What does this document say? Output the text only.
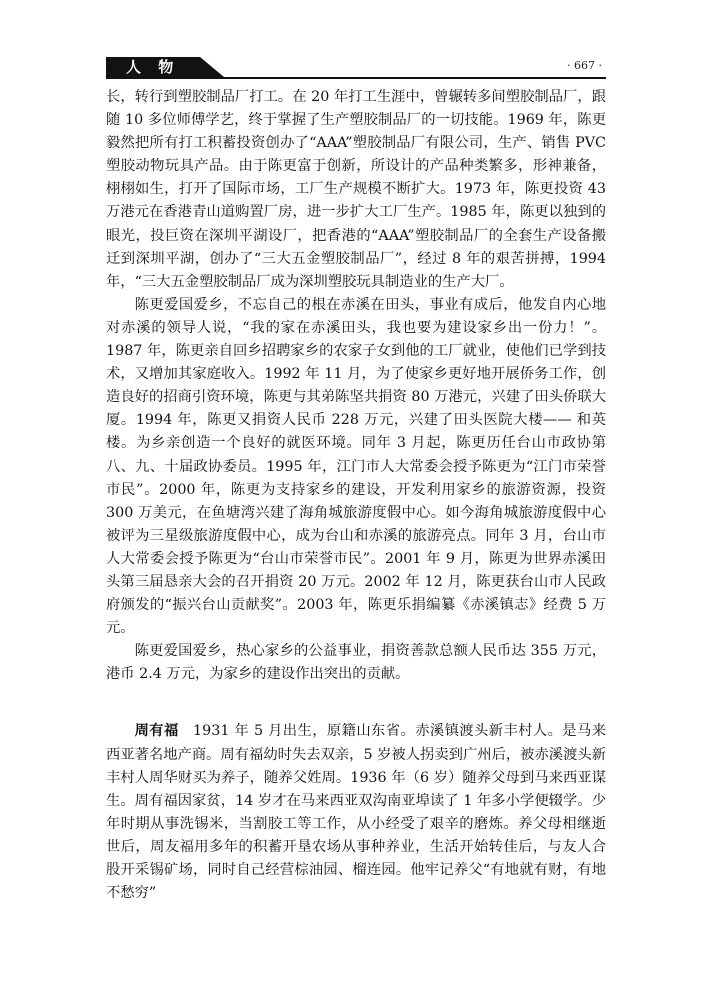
人 物	· 667 ·

长，转行到塑胶制品厂打工。在 20 年打工生涯中，曾辗转多间塑胶制品厂，跟随 10 多位师傅学艺，终于掌握了生产塑胶制品厂的一切技能。1969 年，陈更毅然把所有打工积蓄投资创办了“AAA”塑胶制品厂有限公司，生产、销售 PVC 塑胶动物玩具产品。由于陈更富于创新，所设计的产品种类繁多，形神兼备，栩栩如生，打开了国际市场，工厂生产规模不断扩大。1973 年，陈更投资 43 万港元在香港青山道购置厂房，进一步扩大工厂生产。1985 年，陈更以独到的眼光，投巨资在深圳平湖设厂，把香港的“AAA”塑胶制品厂的全套生产设备搬迁到深圳平湖，创办了“三大五金塑胶制品厂”，经过 8 年的艰苦拼搏，1994 年，“三大五金塑胶制品厂成为深圳塑胶玩具制造业的生产大厂。

陈更爱国爱乡，不忘自己的根在赤溪在田头，事业有成后，他发自内心地对赤溪的领导人说，“我的家在赤溪田头，我也要为建设家乡出一份力！”。1987 年，陈更亲自回乡招聘家乡的农家子女到他的工厂就业，使他们已学到技术，又增加其家庭收入。1992 年 11 月，为了使家乡更好地开展侨务工作，创造良好的招商引资环境，陈更与其弟陈坚共捐资 80 万港元，兴建了田头侨联大厦。1994 年，陈更又捐资人民币 228 万元，兴建了田头医院大楼—— 和英楼。为乡亲创造一个良好的就医环境。同年 3 月起，陈更历任台山市政协第八、九、十届政协委员。1995 年，江门市人大常委会授予陈更为“江门市荣誉市民”。2000 年，陈更为支持家乡的建设，开发利用家乡的旅游资源，投资 300 万美元，在鱼塘湾兴建了海角城旅游度假中心。如今海角城旅游度假中心被评为三星级旅游度假中心，成为台山和赤溪的旅游亮点。同年 3 月，台山市人大常委会授予陈更为“台山市荣誉市民”。2001 年 9 月，陈更为世界赤溪田头第三届恳亲大会的召开捐资 20 万元。2002 年 12 月，陈更获台山市人民政府颁发的“振兴台山贡献奖”。2003 年，陈更乐捐编纂《赤溪镇志》经费 5 万元。

陈更爱国爱乡，热心家乡的公益事业，捐资善款总额人民币达 355 万元，港币 2.4 万元，为家乡的建设作出突出的贡献。

周有福 1931 年 5 月出生，原籍山东省。赤溪镇渡头新丰村人。是马来西亚著名地产商。周有福幼时失去双亲，5 岁被人拐卖到广州后，被赤溪渡头新丰村人周华财买为养子，随养父姓周。1936 年（6 岁）随养父母到马来西亚谋生。周有福因家贫，14 岁才在马来西亚双沟南亚埠读了 1 年多小学便辍学。少年时期从事洗锡米，当割胶工等工作，从小经受了艰辛的磨炼。养父母相继逝世后，周友福用多年的积蓄开垦农场从事种养业，生活开始转佳后，与友人合股开采锡矿场，同时自己经营棕油园、榴连园。他牢记养父“有地就有财，有地不愁穷”
